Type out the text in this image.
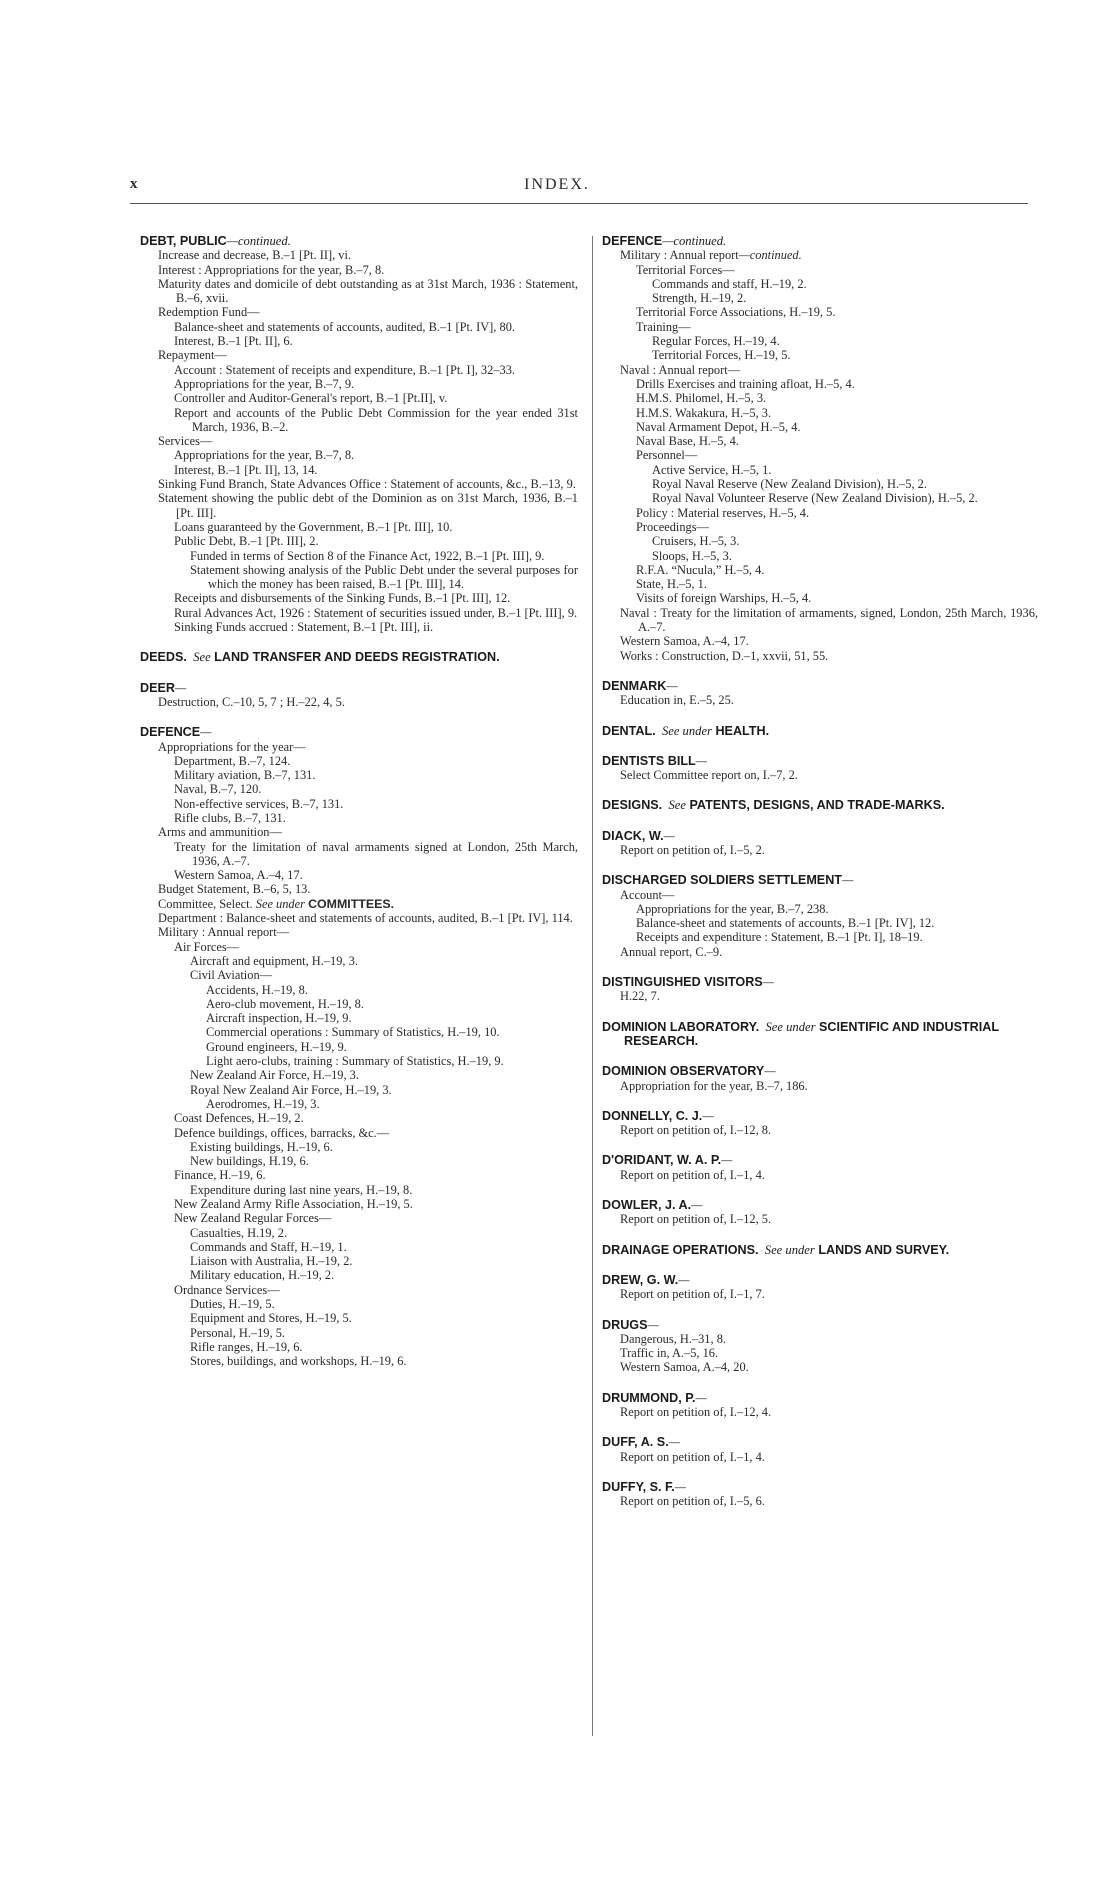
x	INDEX.
DEBT, PUBLIC—continued.
Increase and decrease, B.–1 [Pt. II], vi.
Interest : Appropriations for the year, B.–7, 8.
Maturity dates and domicile of debt outstanding as at 31st March, 1936 : Statement, B.–6, xvii.
Redemption Fund—
Balance-sheet and statements of accounts, audited, B.–1 [Pt. IV], 80.
Interest, B.–1 [Pt. II], 6.
Repayment—
Account : Statement of receipts and expenditure, B.–1 [Pt. I], 32–33.
Appropriations for the year, B.–7, 9.
Controller and Auditor-General's report, B.–1 [Pt.II], v.
Report and accounts of the Public Debt Commission for the year ended 31st March, 1936, B.–2.
Services—
Appropriations for the year, B.–7, 8.
Interest, B.–1 [Pt. II], 13, 14.
Sinking Fund Branch, State Advances Office : Statement of accounts, &c., B.–13, 9.
Statement showing the public debt of the Dominion as on 31st March, 1936, B.–1 [Pt. III].
Loans guaranteed by the Government, B.–1 [Pt. III], 10.
Public Debt, B.–1 [Pt. III], 2.
Funded in terms of Section 8 of the Finance Act, 1922, B.–1 [Pt. III], 9.
Statement showing analysis of the Public Debt under the several purposes for which the money has been raised, B.–1 [Pt. III], 14.
Receipts and disbursements of the Sinking Funds, B.–1 [Pt. III], 12.
Rural Advances Act, 1926 : Statement of securities issued under, B.–1 [Pt. III], 9.
Sinking Funds accrued : Statement, B.–1 [Pt. III], ii.
DEEDS.  See LAND TRANSFER AND DEEDS REGISTRATION.
DEER—
Destruction, C.–10, 5, 7 ; H.–22, 4, 5.
DEFENCE—
Appropriations for the year—
Department, B.–7, 124.
Military aviation, B.–7, 131.
Naval, B.–7, 120.
Non-effective services, B.–7, 131.
Rifle clubs, B.–7, 131.
Arms and ammunition—
Treaty for the limitation of naval armaments signed at London, 25th March, 1936, A.–7.
Western Samoa, A.–4, 17.
Budget Statement, B.–6, 5, 13.
Committee, Select. See under COMMITTEES.
Department : Balance-sheet and statements of accounts, audited, B.–1 [Pt. IV], 114.
Military : Annual report—
Air Forces—
Aircraft and equipment, H.–19, 3.
Civil Aviation—
Accidents, H.–19, 8.
Aero-club movement, H.–19, 8.
Aircraft inspection, H.–19, 9.
Commercial operations : Summary of Statistics, H.–19, 10.
Ground engineers, H.–19, 9.
Light aero-clubs, training : Summary of Statistics, H.–19, 9.
New Zealand Air Force, H.–19, 3.
Royal New Zealand Air Force, H.–19, 3.
Aerodromes, H.–19, 3.
Coast Defences, H.–19, 2.
Defence buildings, offices, barracks, &c.—
Existing buildings, H.–19, 6.
New buildings, H.19, 6.
Finance, H.–19, 6.
Expenditure during last nine years, H.–19, 8.
New Zealand Army Rifle Association, H.–19, 5.
New Zealand Regular Forces—
Casualties, H.19, 2.
Commands and Staff, H.–19, 1.
Liaison with Australia, H.–19, 2.
Military education, H.–19, 2.
Ordnance Services—
Duties, H.–19, 5.
Equipment and Stores, H.–19, 5.
Personal, H.–19, 5.
Rifle ranges, H.–19, 6.
Stores, buildings, and workshops, H.–19, 6.
DEFENCE—continued.
Military : Annual report—continued.
Territorial Forces—
Commands and staff, H.–19, 2.
Strength, H.–19, 2.
Territorial Force Associations, H.–19, 5.
Training—
Regular Forces, H.–19, 4.
Territorial Forces, H.–19, 5.
Naval : Annual report—
Drills Exercises and training afloat, H.–5, 4.
H.M.S. Philomel, H.–5, 3.
H.M.S. Wakakura, H.–5, 3.
Naval Armament Depot, H.–5, 4.
Naval Base, H.–5, 4.
Personnel—
Active Service, H.–5, 1.
Royal Naval Reserve (New Zealand Division), H.–5, 2.
Royal Naval Volunteer Reserve (New Zealand Division), H.–5, 2.
Policy : Material reserves, H.–5, 4.
Proceedings—
Cruisers, H.–5, 3.
Sloops, H.–5, 3.
R.F.A. “Nucula,” H.–5, 4.
State, H.–5, 1.
Visits of foreign Warships, H.–5, 4.
Naval : Treaty for the limitation of armaments, signed, London, 25th March, 1936, A.–7.
Western Samoa, A.–4, 17.
Works : Construction, D.–1, xxvii, 51, 55.
DENMARK—
Education in, E.–5, 25.
DENTAL.  See under HEALTH.
DENTISTS BILL—
Select Committee report on, I.–7, 2.
DESIGNS.  See PATENTS, DESIGNS, AND TRADE-MARKS.
DIACK, W.—
Report on petition of, I.–5, 2.
DISCHARGED SOLDIERS SETTLEMENT—
Account—
Appropriations for the year, B.–7, 238.
Balance-sheet and statements of accounts, B.–1 [Pt. IV], 12.
Receipts and expenditure : Statement, B.–1 [Pt. I], 18–19.
Annual report, C.–9.
DISTINGUISHED VISITORS—
H.22, 7.
DOMINION LABORATORY.  See under SCIENTIFIC AND INDUSTRIAL RESEARCH.
DOMINION OBSERVATORY—
Appropriation for the year, B.–7, 186.
DONNELLY, C. J.—
Report on petition of, I.–12, 8.
D'ORIDANT, W. A. P.—
Report on petition of, I.–1, 4.
DOWLER, J. A.—
Report on petition of, I.–12, 5.
DRAINAGE OPERATIONS.  See under LANDS AND SURVEY.
DREW, G. W.—
Report on petition of, I.–1, 7.
DRUGS—
Dangerous, H.–31, 8.
Traffic in, A.–5, 16.
Western Samoa, A.–4, 20.
DRUMMOND, P.—
Report on petition of, I.–12, 4.
DUFF, A. S.—
Report on petition of, I.–1, 4.
DUFFY, S. F.—
Report on petition of, I.–5, 6.
